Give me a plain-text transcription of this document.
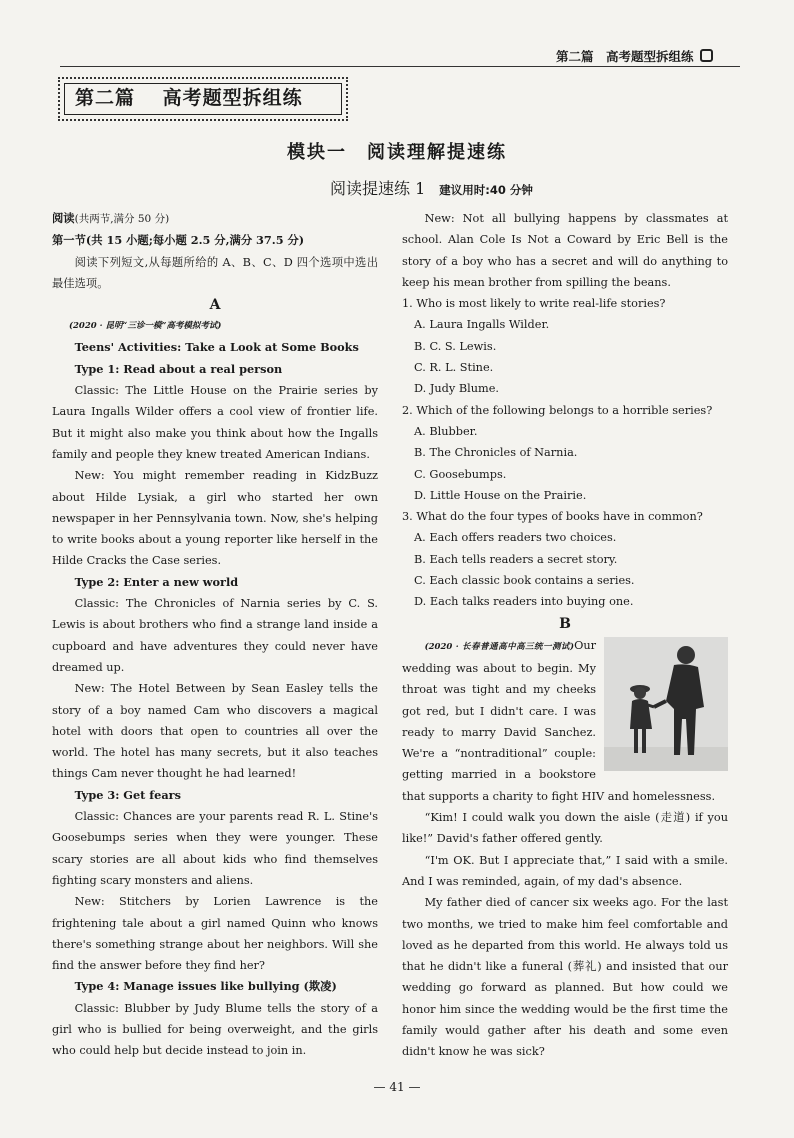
第二篇　高考题型拆组练
第二篇　 高考题型拆组练
模块一　阅读理解提速练
阅读提速练 1 建议用时:40 分钟

阅读(共两节,满分 50 分)

第一节(共 15 小题;每小题 2.5 分,满分 37.5 分)

阅读下列短文,从每题所给的 A、B、C、D 四个选项中选出最佳选项。

A

(2020 · 昆明“三诊一模”高考模拟考试)

Teens' Activities: Take a Look at Some Books

Type 1: Read about a real person

Classic: The Little House on the Prairie series by Laura Ingalls Wilder offers a cool view of frontier life. But it might also make you think about how the Ingalls family and people they knew treated American Indians.

New: You might remember reading in KidzBuzz about Hilde Lysiak, a girl who started her own newspaper in her Pennsylvania town. Now, she's helping to write books about a young reporter like herself in the Hilde Cracks the Case series.

Type 2: Enter a new world

Classic: The Chronicles of Narnia series by C. S. Lewis is about brothers who find a strange land inside a cupboard and have adventures they could never have dreamed up.

New: The Hotel Between by Sean Easley tells the story of a boy named Cam who discovers a magical hotel with doors that open to countries all over the world. The hotel has many secrets, but it also teaches things Cam never thought he had learned!

Type 3: Get fears

Classic: Chances are your parents read R. L. Stine's Goosebumps series when they were younger. These scary stories are all about kids who find themselves fighting scary monsters and aliens.

New: Stitchers by Lorien Lawrence is the frightening tale about a girl named Quinn who knows there's something strange about her neighbors. Will she find the answer before they find her?

Type 4: Manage issues like bullying (欺凌)

Classic: Blubber by Judy Blume tells the story of a girl who is bullied for being overweight, and the girls who could help but decide instead to join in.

New: Not all bullying happens by classmates at school. Alan Cole Is Not a Coward by Eric Bell is the story of a boy who has a secret and will do anything to keep his mean brother from spilling the beans.

1. Who is most likely to write real-life stories?

A. Laura Ingalls Wilder.

B. C. S. Lewis.

C. R. L. Stine.

D. Judy Blume.

2. Which of the following belongs to a horrible series?

A. Blubber.

B. The Chronicles of Narnia.

C. Goosebumps.

D. Little House on the Prairie.

3. What do the four types of books have in common?

A. Each offers readers two choices.

B. Each tells readers a secret story.

C. Each classic book contains a series.

D. Each talks readers into buying one.

B

(2020 · 长春普通高中高三统一测试)Our wedding was about to begin. My throat was tight and my cheeks got red, but I didn't care. I was ready to marry David Sanchez. We're a “nontraditional” couple: getting married in a bookstore that supports a charity to fight HIV and homelessness.

“Kim! I could walk you down the aisle (走道) if you like!” David's father offered gently.

“I'm OK. But I appreciate that,” I said with a smile. And I was reminded, again, of my dad's absence.

My father died of cancer six weeks ago. For the last two months, we tried to make him feel comfortable and loved as he departed from this world. He always told us that he didn't like a funeral (葬礼) and insisted that our wedding go forward as planned. But how could we honor him since the wedding would be the first time the family would gather after his death and some even didn't know he was sick?

— 41 —
